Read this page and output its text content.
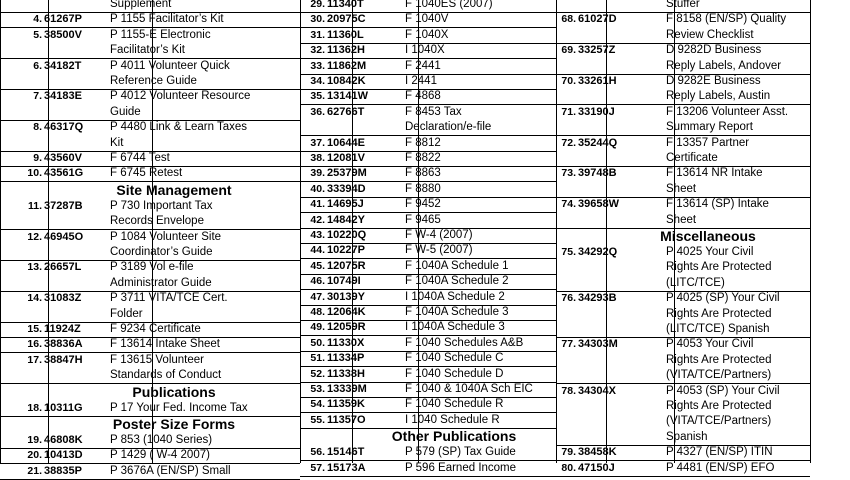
Supplement
4. 61267P	P 1155 Facilitator’s Kit
5. 38500V	P 1155-E Electronic
Facilitator’s Kit
6. 34182T	P 4011 Volunteer Quick
Reference Guide
7. 34183E	P 4012 Volunteer Resource
Guide
8. 46317Q	P 4480 Link & Learn Taxes
Kit
9. 43560V	F 6744 Test
10. 43561G	F 6745 Retest
Site Management
11. 37287B	P 730 Important Tax
Records Envelope
12. 46945O	P 1084 Volunteer Site
Coordinator’s Guide
13. 26657L	P 3189 Vol e-file
Administrator Guide
14. 31083Z	P 3711 VITA/TCE Cert.
Folder
15. 11924Z	F 9234 Certificate
16. 38836A	F 13614 Intake Sheet
17. 38847H	F 13615 Volunteer
Standards of Conduct
Publications
18. 10311G	P 17 Your Fed. Income Tax
Poster Size Forms
19. 46808K	P 853 (1040 Series)
20. 10413D	P 1429 ( W-4 2007)
21. 38835P	P 3676A (EN/SP) Small
29. 11340T	F 1040ES (2007)
30. 20975C	F 1040V
31. 11360L	F 1040X
32. 11362H	I 1040X
33. 11862M	F 2441
34. 10842K	I 2441
35. 13141W	F 4868
36. 62766T	F 8453 Tax
Declaration/e-file
37. 10644E	F 8812
38. 12081V	F 8822
39. 25379M	F 8863
40. 33394D	F 8880
41. 14695J	F 9452
42. 14842Y	F 9465
43. 10220Q	F W-4 (2007)
44. 10227P	F W-5 (2007)
45. 12075R	F 1040A Schedule 1
46. 10749I	F 1040A Schedule 2
47. 30139Y	I 1040A Schedule 2
48. 12064K	F 1040A Schedule 3
49. 12059R	I 1040A Schedule 3
50. 11330X	F 1040 Schedules A&B
51. 11334P	F 1040 Schedule C
52. 11338H	F 1040 Schedule D
53. 13339M	F 1040 & 1040A Sch EIC
54. 11359K	F 1040 Schedule R
55. 11357O	I 1040 Schedule R
Other Publications
56. 15146T	P 579 (SP) Tax Guide
57. 15173A	P 596 Earned Income
Stuffer
68. 61027D	F 8158 (EN/SP) Quality
Review Checklist
69. 33257Z	D 9282D Business
Reply Labels, Andover
70. 33261H	D 9282E Business
Reply Labels, Austin
71. 33190J	F 13206 Volunteer Asst.
Summary Report
72. 35244Q	F 13357 Partner
Certificate
73. 39748B	F 13614 NR Intake
Sheet
74. 39658W	F 13614 (SP) Intake
Sheet
Miscellaneous
75. 34292Q	P 4025 Your Civil
Rights Are Protected
(LITC/TCE)
76. 34293B	P 4025 (SP) Your Civil
Rights Are Protected
(LITC/TCE) Spanish
77. 34303M	P 4053 Your Civil
Rights Are Protected
(VITA/TCE/Partners)
78. 34304X	P 4053 (SP) Your Civil
Rights Are Protected
(VITA/TCE/Partners)
Spanish
79. 38458K	P 4327 (EN/SP) ITIN
80. 47150J	P 4481 (EN/SP) EFO
